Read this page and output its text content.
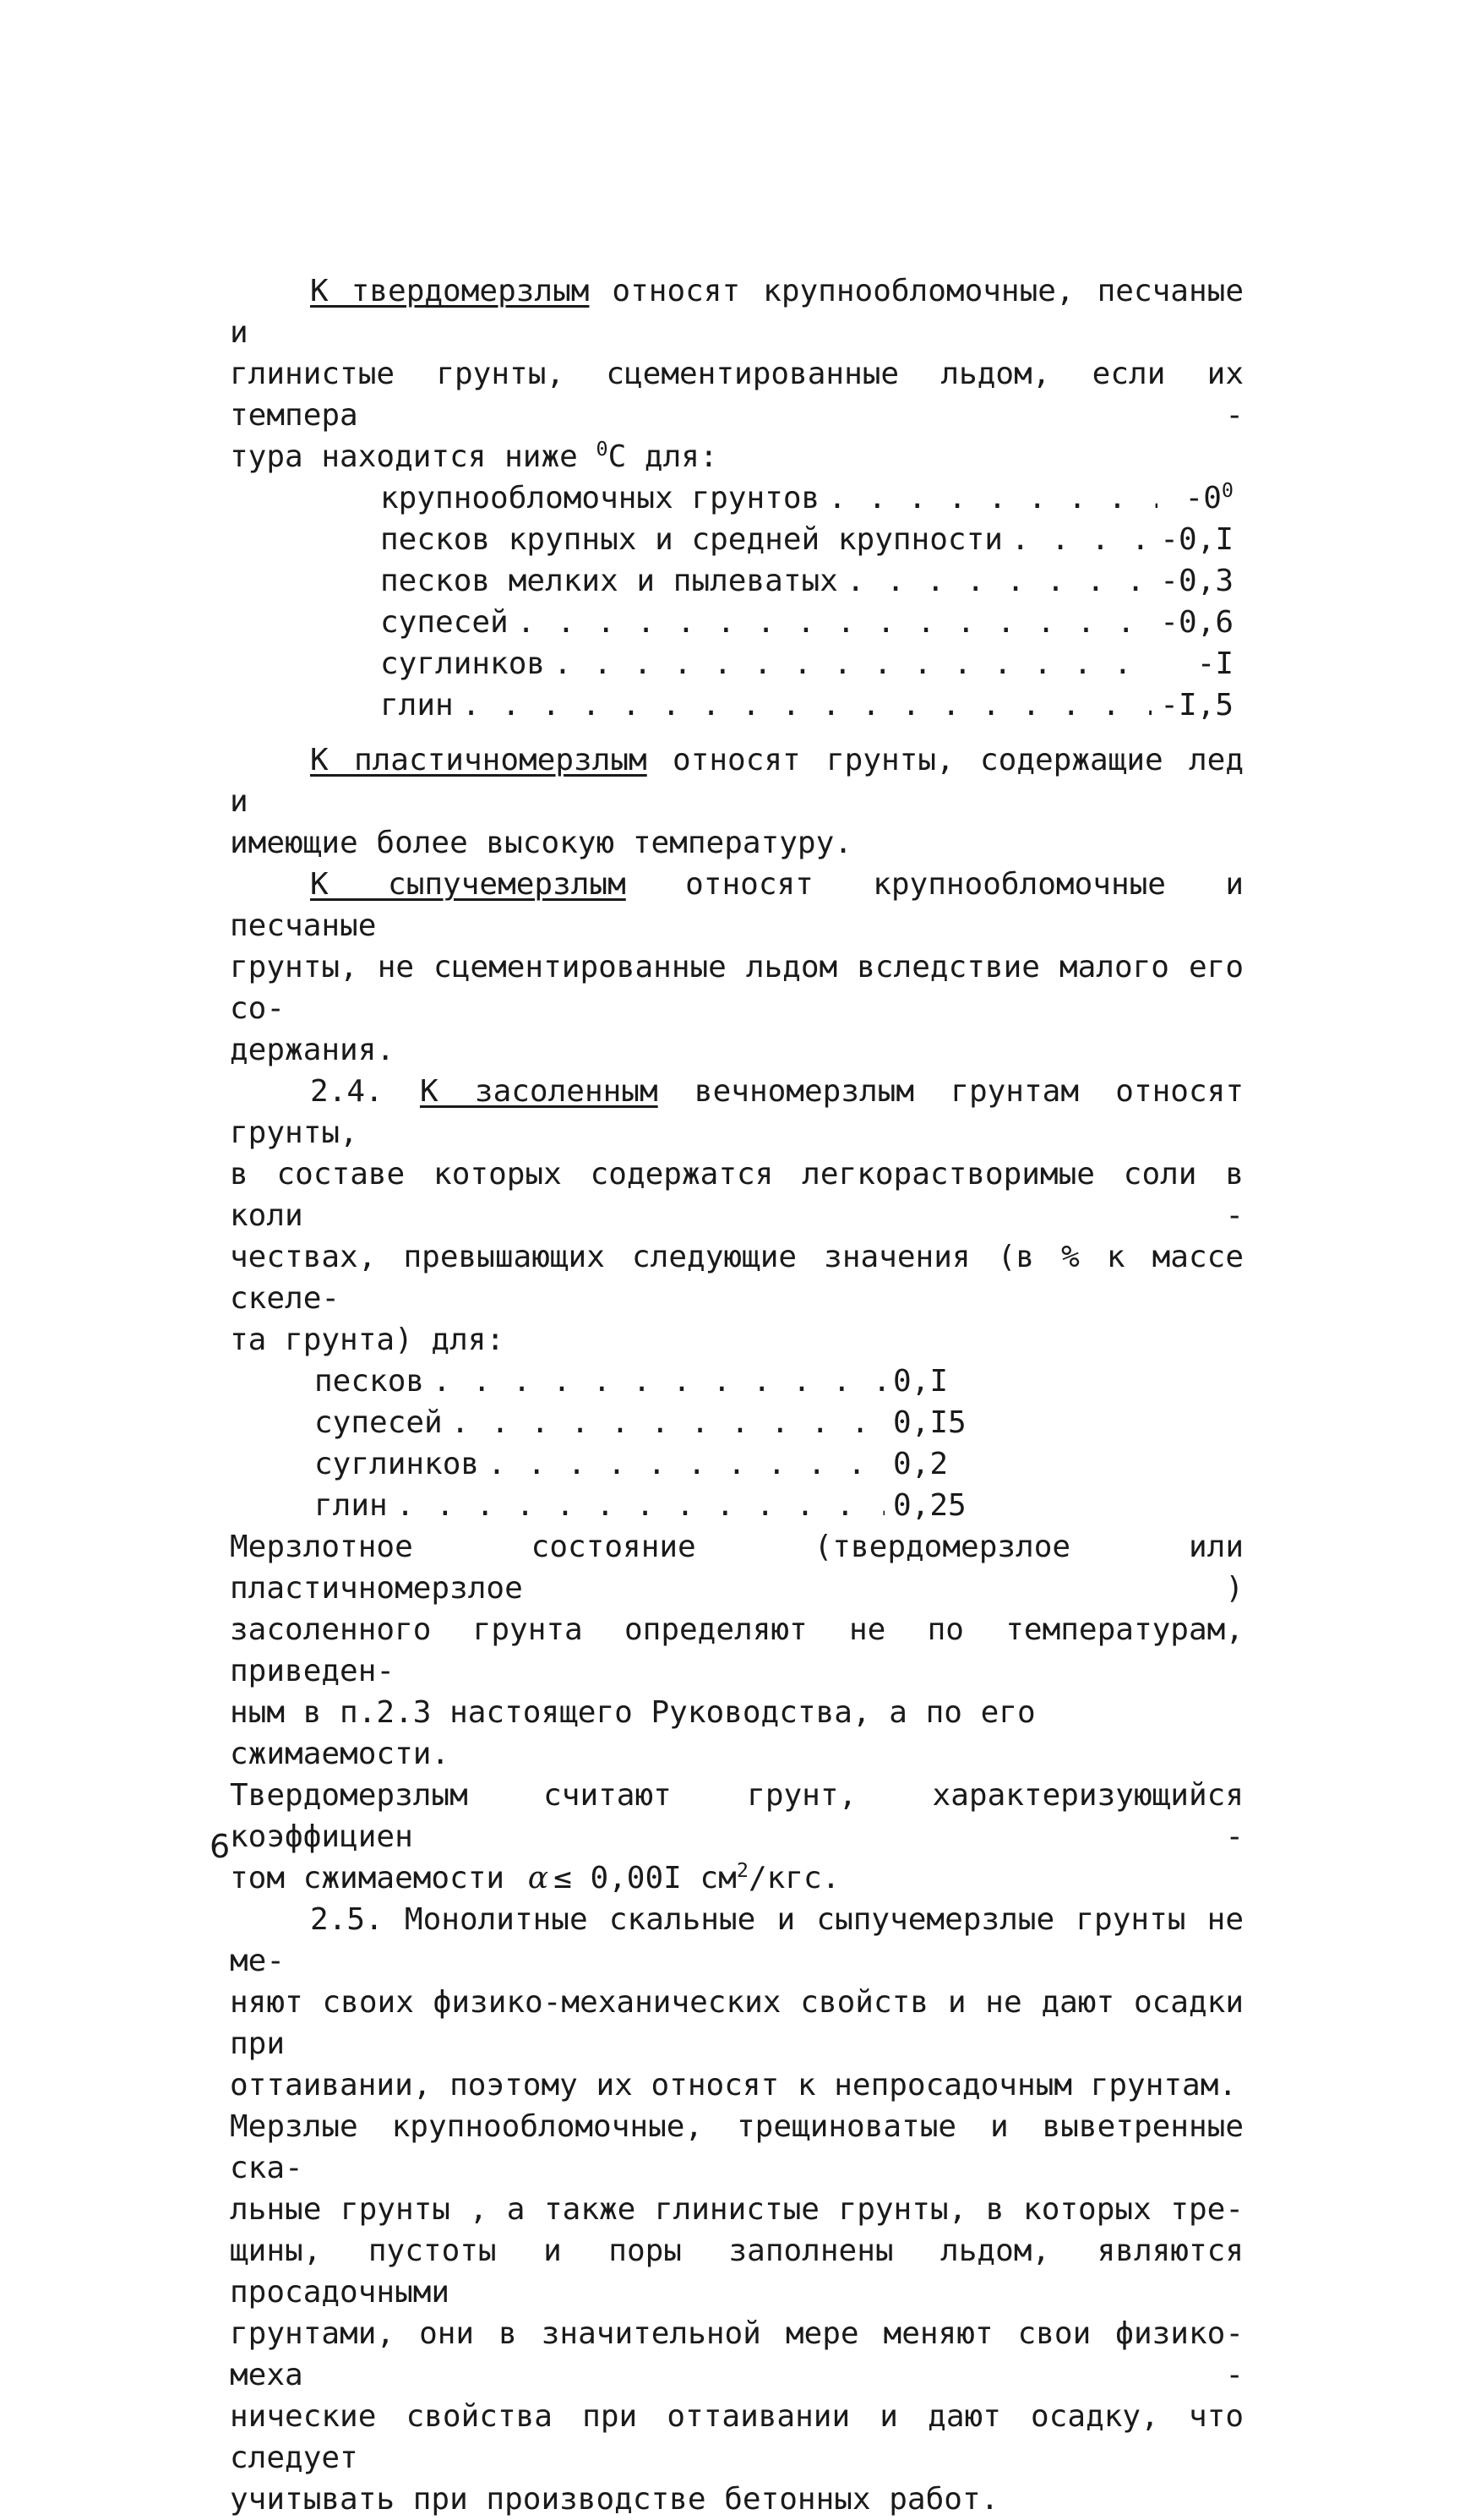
К твердомерзлым относят крупнообломочные, песчаные и

глинистые грунты, сцементированные льдом, если их темпера -

тура находится ниже $^0$С для:

крупнообломочных грунтов . . .	$-0^0$
песков крупных и средней крупности . . .	-0,I
песков мелких и пылеватых . . .	-0,3
супесей . . .	-0,6
суглинков . . .	-I
глин . . .	-I,5

К пластичномерзлым относят грунты, содержащие лед и

имеющие более высокую температуру.

К сыпучемерзлым относят крупнообломочные и песчаные

грунты, не сцементированные льдом вследствие малого его со-

держания.

2.4. К засоленным вечномерзлым грунтам относят грунты,

в составе которых содержатся легкорастворимые соли в коли -

чествах, превышающих следующие значения (в % к массе скеле-

та грунта) для:

песков . . .	0,I
супесей . . .	0,I5
суглинков . . .	0,2
глин . . .	0,25

Мерзлотное состояние (твердомерзлое или пластичномерзлое )

засоленного грунта определяют не по температурам, приведен-

ным в п.2.3 настоящего Руководства, а по его сжимаемости.

Твердомерзлым считают грунт, характеризующийся коэффициен -

том сжимаемости α ≤ 0,00I $см^2$/кгс.

2.5. Монолитные скальные и сыпучемерзлые грунты не ме-

няют своих физико-механических свойств и не дают осадки при

оттаивании, поэтому их относят к непросадочным грунтам.

Мерзлые крупнообломочные, трещиноватые и выветренные ска-

льные грунты , а также глинистые грунты, в которых тре-

щины, пустоты и поры заполнены льдом, являются просадочными

грунтами, они в значительной мере меняют свои физико-меха -

нические свойства при оттаивании и дают осадку, что следует

учитывать при производстве бетонных работ.

6
